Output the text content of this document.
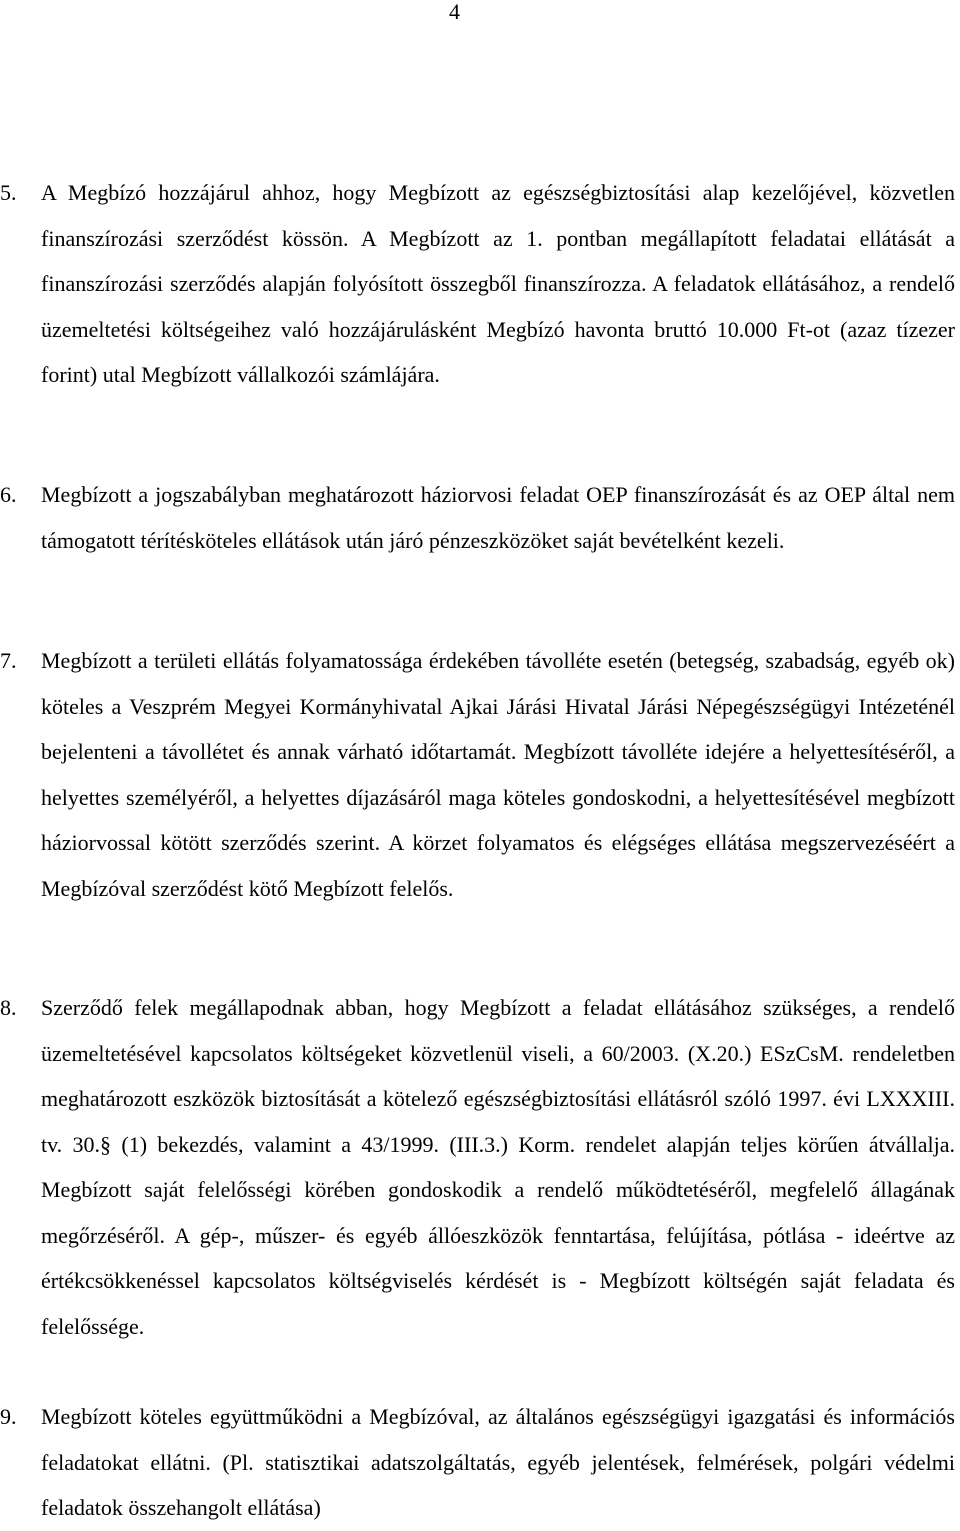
4
5.	A Megbízó hozzájárul ahhoz, hogy Megbízott az egészségbiztosítási alap kezelőjével, közvetlen finanszírozási szerződést kössön. A Megbízott az 1. pontban megállapított feladatai ellátását a finanszírozási szerződés alapján folyósított összegből finanszírozza. A feladatok ellátásához, a rendelő üzemeltetési költségeihez való hozzájárulásként Megbízó havonta bruttó 10.000 Ft-ot (azaz tízezer forint) utal Megbízott vállalkozói számlájára.
6.	Megbízott a jogszabályban meghatározott háziorvosi feladat OEP finanszírozását és az OEP által nem támogatott térítésköteles ellátások után járó pénzeszközöket saját bevételként kezeli.
7.	Megbízott a területi ellátás folyamatossága érdekében távolléte esetén (betegség, szabadság, egyéb ok) köteles a Veszprém Megyei Kormányhivatal Ajkai Járási Hivatal Járási Népegészségügyi Intézeténél bejelenteni a távollétet és annak várható időtartamát. Megbízott távolléte idejére a helyettesítéséről, a helyettes személyéről, a helyettes díjazásáról maga köteles gondoskodni, a helyettesítésével megbízott háziorvossal kötött szerződés szerint. A körzet folyamatos és elégséges ellátása megszervezéséért a Megbízóval szerződést kötő Megbízott felelős.
8.	Szerződő felek megállapodnak abban, hogy Megbízott a feladat ellátásához szükséges, a rendelő üzemeltetésével kapcsolatos költségeket közvetlenül viseli, a 60/2003. (X.20.) ESzCsM. rendeletben meghatározott eszközök biztosítását a kötelező egészségbiztosítási ellátásról szóló 1997. évi LXXXIII. tv. 30.§ (1) bekezdés, valamint a 43/1999. (III.3.) Korm. rendelet alapján teljes körűen átvállalja. Megbízott saját felelősségi körében gondoskodik a rendelő működtetéséről, megfelelő állagának megőrzéséről. A gép-, műszer- és egyéb állóeszközök fenntartása, felújítása, pótlása - ideértve az értékcsökkenéssel kapcsolatos költségviselés kérdését is - Megbízott költségén saját feladata és felelőssége.
9.	Megbízott köteles együttműködni a Megbízóval, az általános egészségügyi igazgatási és információs feladatokat ellátni. (Pl. statisztikai adatszolgáltatás, egyéb jelentések, felmérések, polgári védelmi feladatok összehangolt ellátása)
